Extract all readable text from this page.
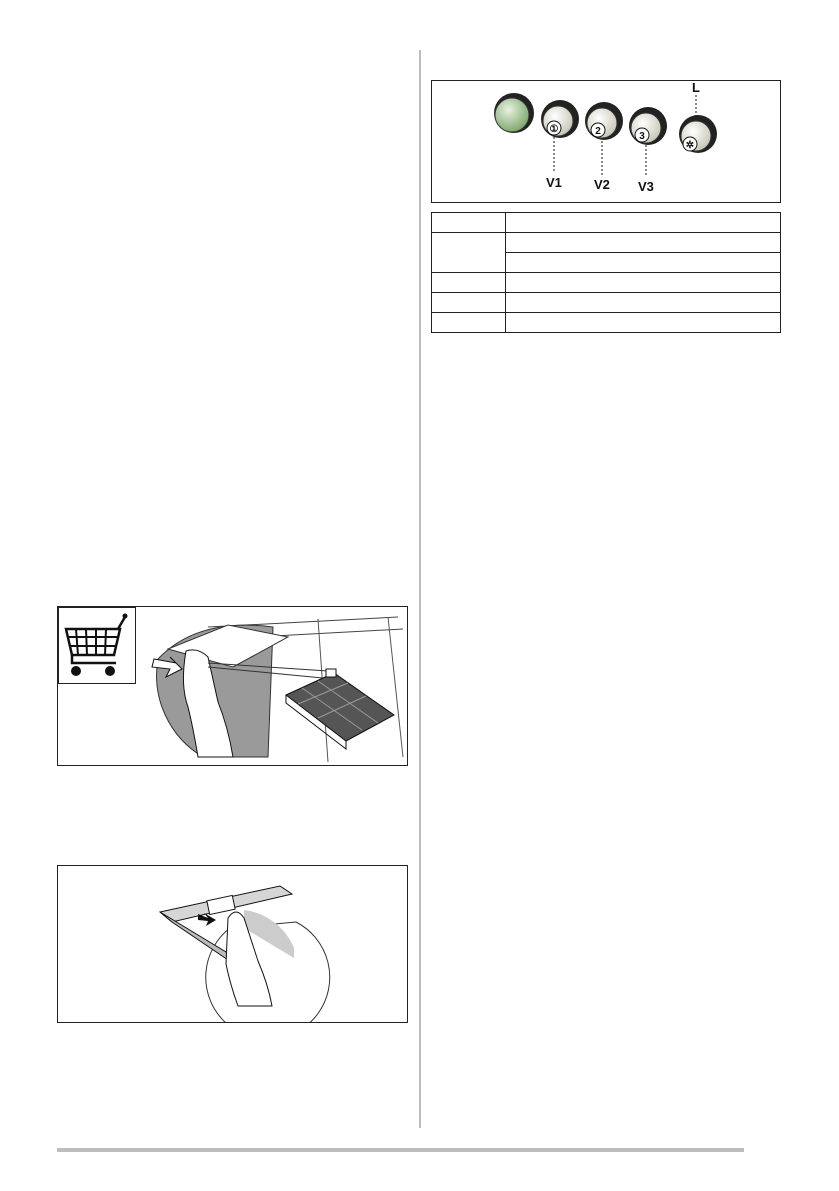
①	2	3
✲
V1 V2 V3
L
